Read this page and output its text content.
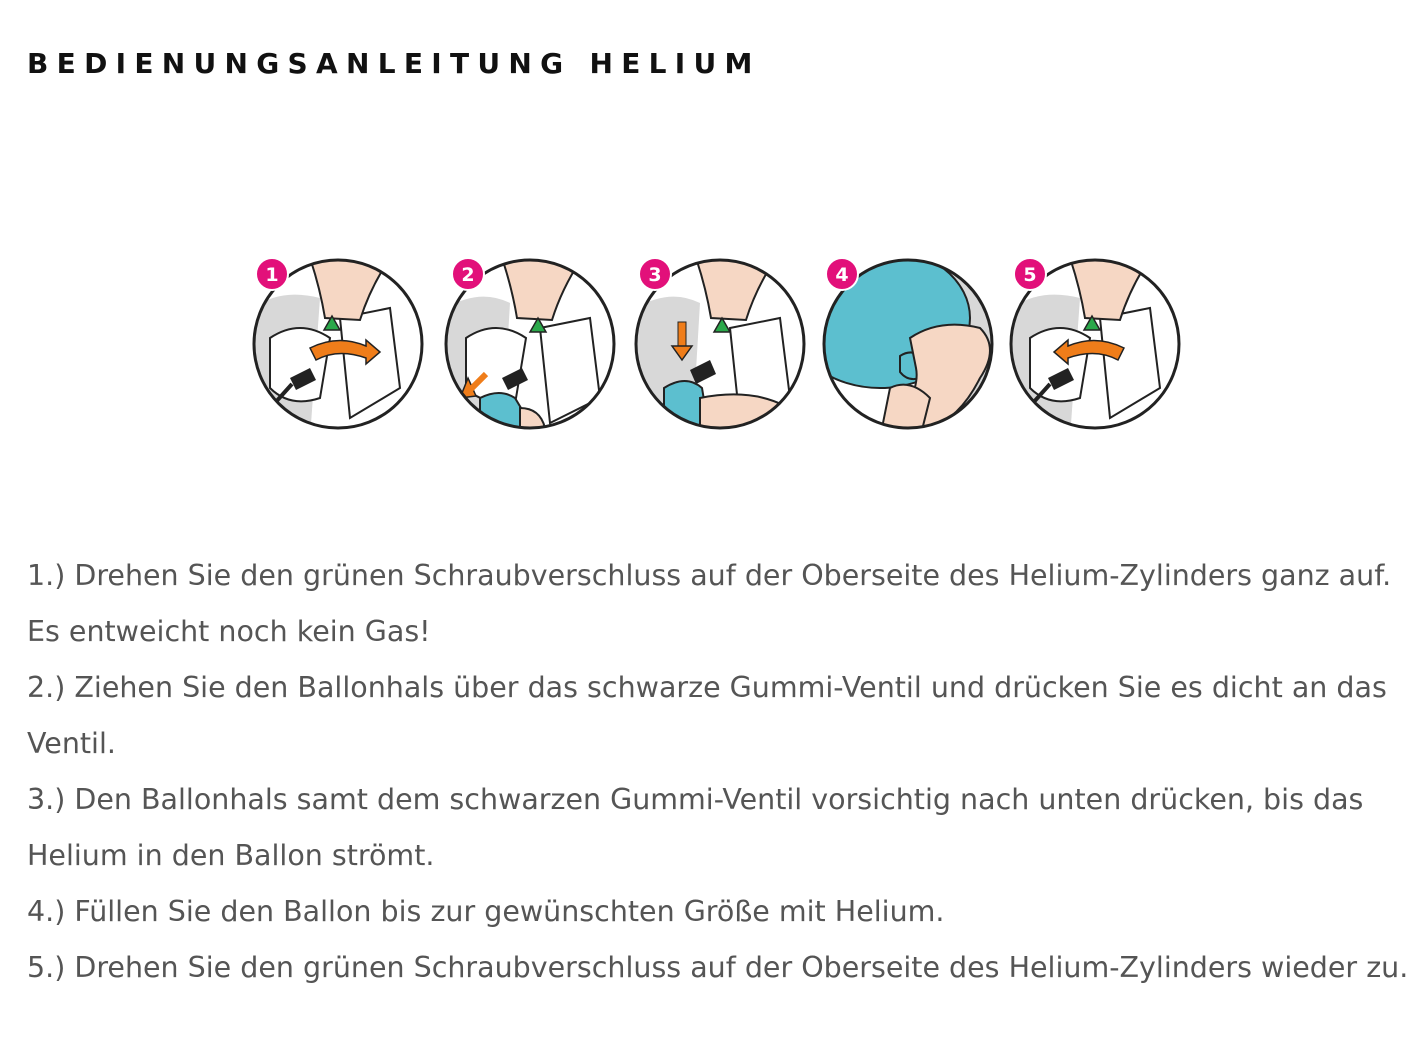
BEDIENUNGSANLEITUNG HELIUM
1	2	3	4	5

1.) Drehen Sie den grünen Schraubverschluss auf der Oberseite des Helium-Zylinders ganz auf. Es entweicht noch kein Gas!

2.) Ziehen Sie den Ballonhals über das schwarze Gummi-Ventil und drücken Sie es dicht an das Ventil.

3.) Den Ballonhals samt dem schwarzen Gummi-Ventil vorsichtig nach unten drücken, bis das Helium in den Ballon strömt.

4.) Füllen Sie den Ballon bis zur gewünschten Größe mit Helium.

5.) Drehen Sie den grünen Schraubverschluss auf der Oberseite des Helium-Zylinders wieder zu.
